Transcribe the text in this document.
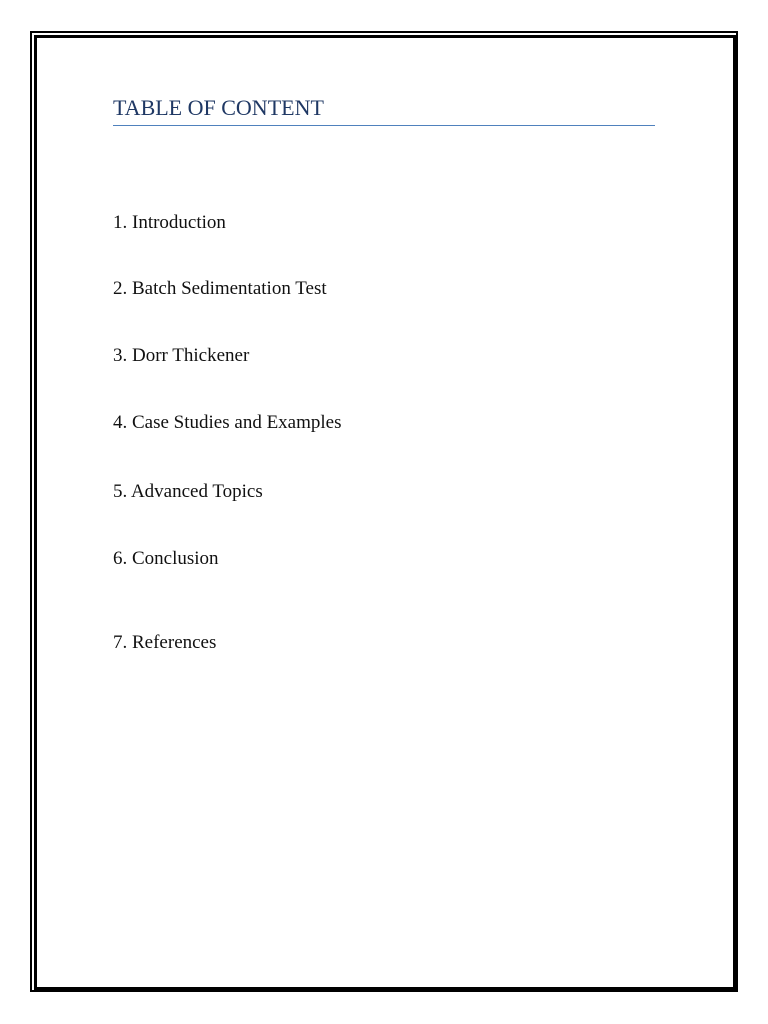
TABLE OF CONTENT

1. Introduction

2. Batch Sedimentation Test

3. Dorr Thickener

4. Case Studies and Examples

5. Advanced Topics

6. Conclusion

7. References
